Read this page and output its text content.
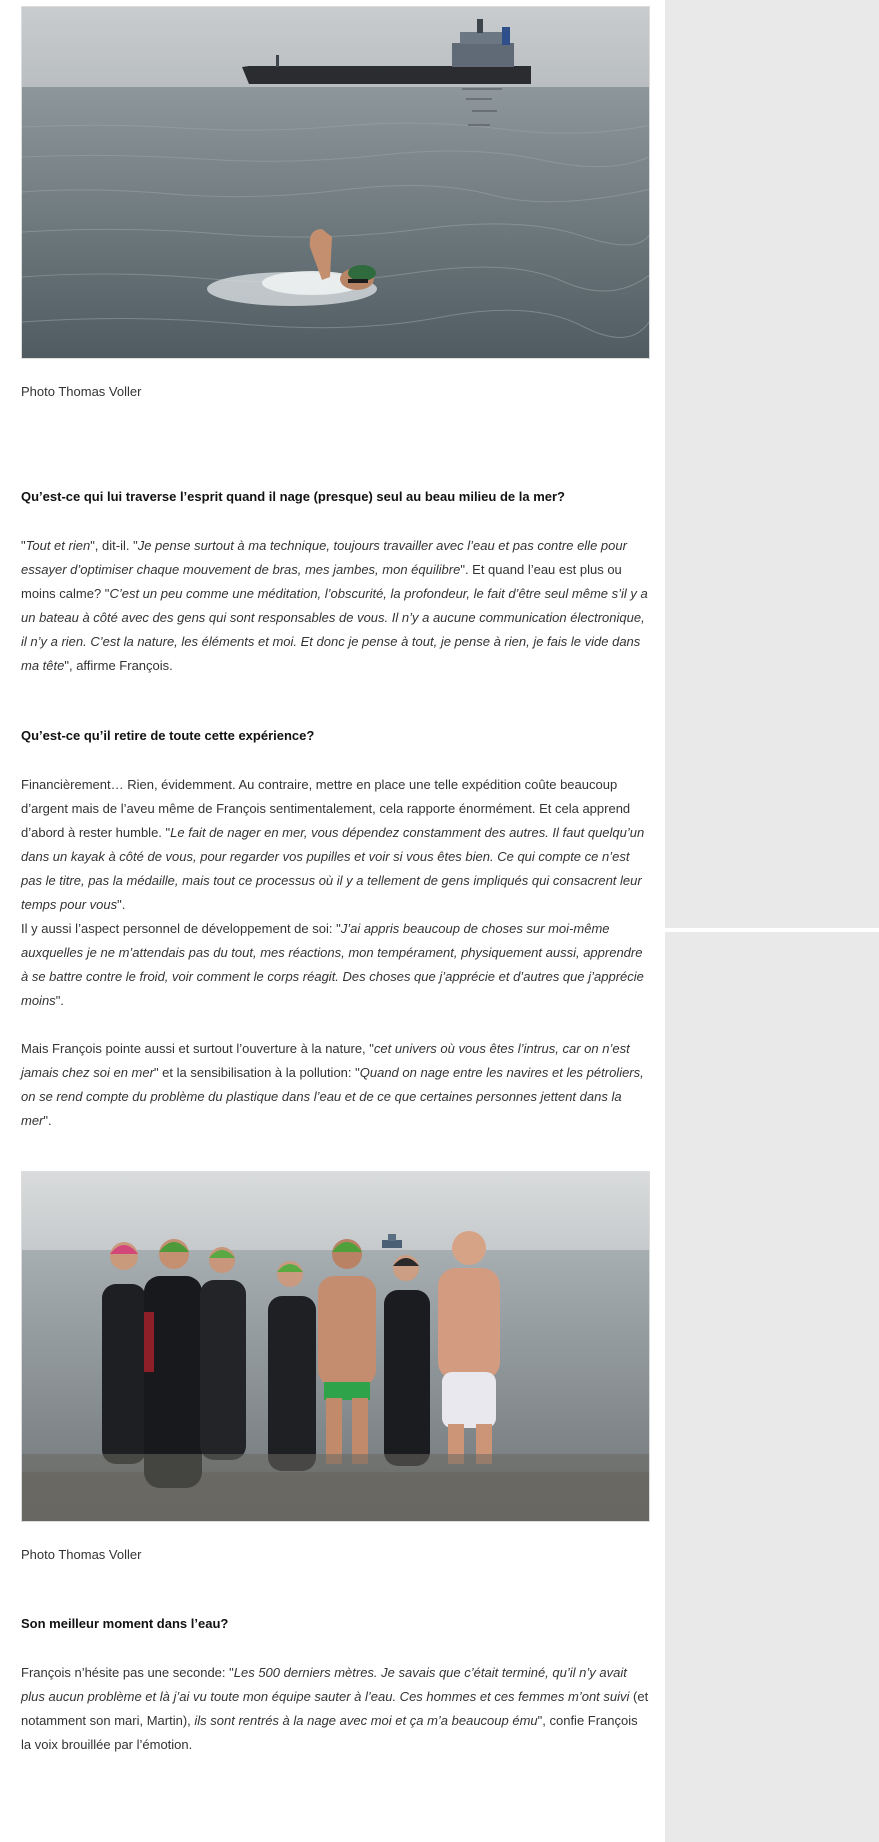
Photo Thomas Voller

Qu’est-ce qui lui traverse l’esprit quand il nage (presque) seul au beau milieu de la mer?

"Tout et rien", dit-il. "Je pense surtout à ma technique, toujours travailler avec l’eau et pas contre elle pour essayer d’optimiser chaque mouvement de bras, mes jambes, mon équilibre". Et quand l’eau est plus ou moins calme? "C’est un peu comme une méditation, l’obscurité, la profondeur, le fait d’être seul même s’il y a un bateau à côté avec des gens qui sont responsables de vous. Il n’y a aucune communication électronique, il n’y a rien. C’est la nature, les éléments et moi. Et donc je pense à tout, je pense à rien, je fais le vide dans ma tête", affirme François.

Qu’est-ce qu’il retire de toute cette expérience?

Financièrement… Rien, évidemment. Au contraire, mettre en place une telle expédition coûte beaucoup d’argent mais de l’aveu même de François sentimentalement, cela rapporte énormément. Et cela apprend d’abord à rester humble. "Le fait de nager en mer, vous dépendez constamment des autres. Il faut quelqu’un dans un kayak à côté de vous, pour regarder vos pupilles et voir si vous êtes bien. Ce qui compte ce n’est pas le titre, pas la médaille, mais tout ce processus où il y a tellement de gens impliqués qui consacrent leur temps pour vous".

Il y aussi l’aspect personnel de développement de soi: "J’ai appris beaucoup de choses sur moi-même auxquelles je ne m’attendais pas du tout, mes réactions, mon tempérament, physiquement aussi, apprendre à se battre contre le froid, voir comment le corps réagit. Des choses que j’apprécie et d’autres que j’apprécie moins".

Mais François pointe aussi et surtout l’ouverture à la nature, "cet univers où vous êtes l’intrus, car on n’est jamais chez soi en mer" et la sensibilisation à la pollution: "Quand on nage entre les navires et les pétroliers, on se rend compte du problème du plastique dans l’eau et de ce que certaines personnes jettent dans la mer".

Photo Thomas Voller

Son meilleur moment dans l’eau?

François n’hésite pas une seconde: "Les 500 derniers mètres. Je savais que c’était terminé, qu’il n’y avait plus aucun problème et là j’ai vu toute mon équipe sauter à l’eau. Ces hommes et ces femmes m’ont suivi (et notamment son mari, Martin), ils sont rentrés à la nage avec moi et ça m’a beaucoup ému", confie François la voix brouillée par l’émotion.
